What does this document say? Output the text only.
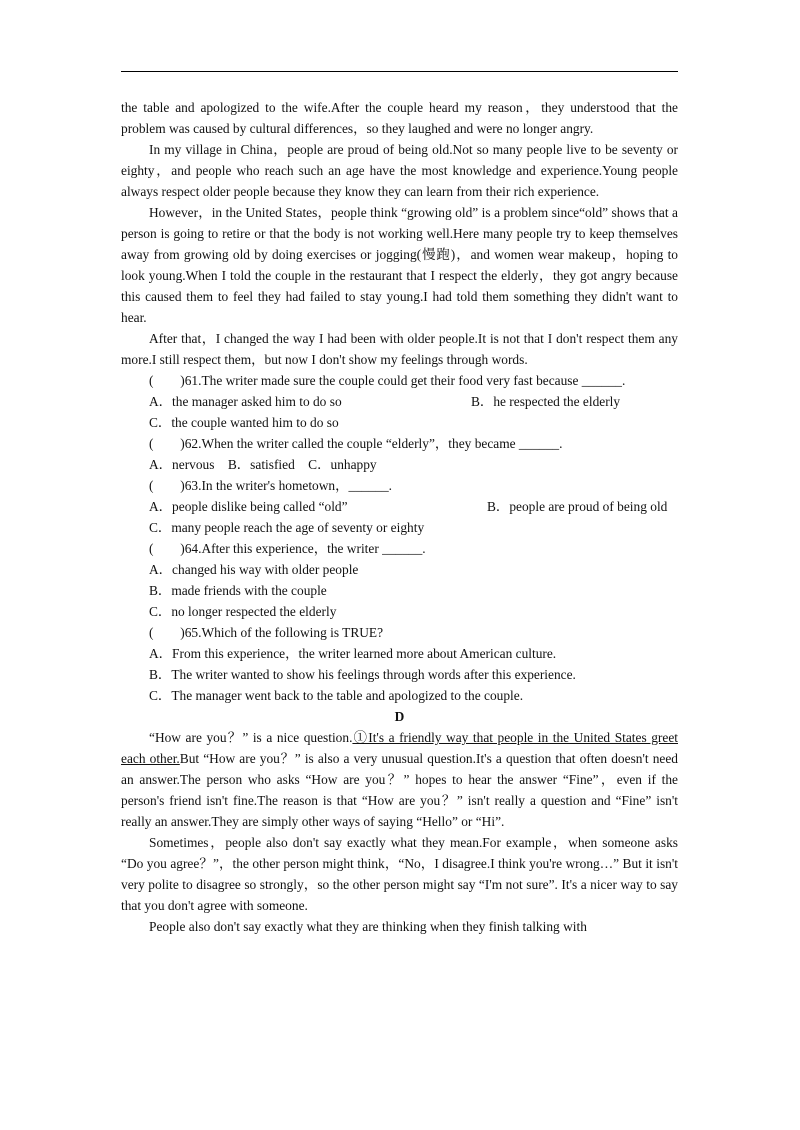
the table and apologized to the wife.After the couple heard my reason，they understood that the problem was caused by cultural differences，so they laughed and were no longer angry.

In my village in China，people are proud of being old.Not so many people live to be seventy or eighty，and people who reach such an age have the most knowledge and experience.Young people always respect older people because they know they can learn from their rich experience.

However，in the United States，people think “growing old” is a problem since“old” shows that a person is going to retire or that the body is not working well.Here many people try to keep themselves away from growing old by doing exercises or jogging(慢跑)，and women wear makeup，hoping to look young.When I told the couple in the restaurant that I respect the elderly，they got angry because this caused them to feel they had failed to stay young.I had told them something they didn't want to hear.

After that，I changed the way I had been with older people.It is not that I don't respect them any more.I still respect them，but now I don't show my feelings through words.

(　　)61.The writer made sure the couple could get their food very fast because ______.

A．the manager asked him to do so	B．he respected the elderly

C．the couple wanted him to do so

(　　)62.When the writer called the couple “elderly”，they became ______.

A．nervous　B．satisfied　C．unhappy

(　　)63.In the writer's hometown，______.

A．people dislike being called “old”	B．people are proud of being old

C．many people reach the age of seventy or eighty

(　　)64.After this experience，the writer ______.

A．changed his way with older people

B．made friends with the couple

C．no longer respected the elderly

(　　)65.Which of the following is TRUE?

A．From this experience，the writer learned more about American culture.

B．The writer wanted to show his feelings through words after this experience.

C．The manager went back to the table and apologized to the couple.

D

“How are you？” is a nice question.①It's a friendly way that people in the United States greet each other.But “How are you？” is also a very unusual question.It's a question that often doesn't need an answer.The person who asks “How are you？” hopes to hear the answer “Fine”，even if the person's friend isn't fine.The reason is that “How are you？” isn't really a question and “Fine” isn't really an answer.They are simply other ways of saying “Hello” or “Hi”.

Sometimes，people also don't say exactly what they mean.For example，when someone asks “Do you agree？”，the other person might think，“No，I disagree.I think you're wrong…” But it isn't very polite to disagree so strongly，so the other person might say “I'm not sure”. It's a nicer way to say that you don't agree with someone.

People also don't say exactly what they are thinking when they finish talking with
